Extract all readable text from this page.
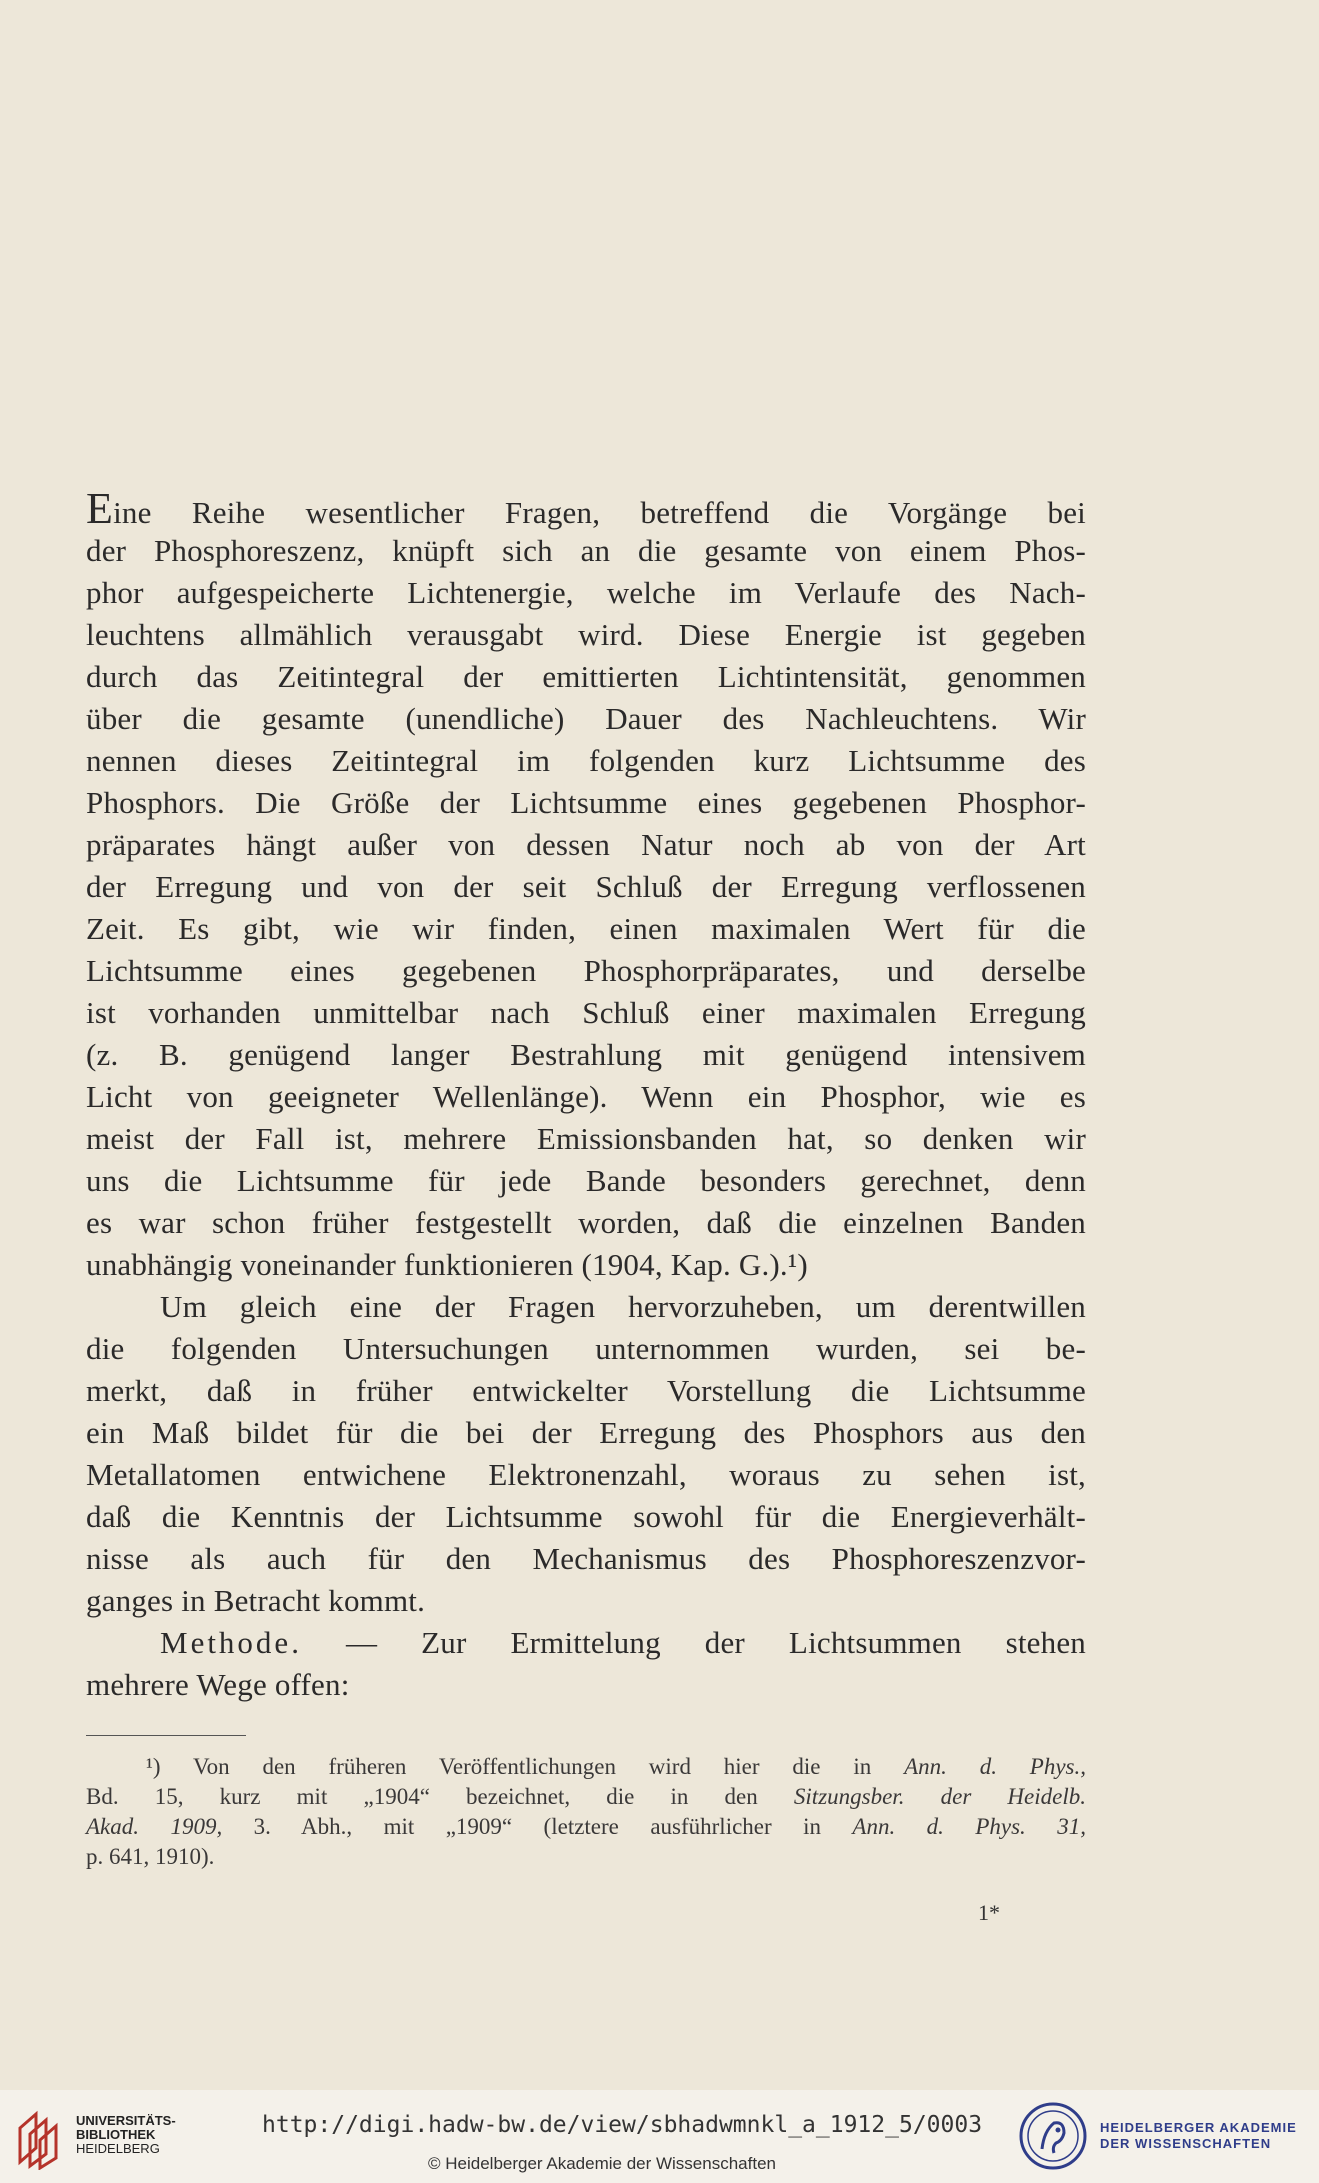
Eine Reihe wesentlicher Fragen, betreffend die Vorgänge bei
der Phosphoreszenz, knüpft sich an die gesamte von einem Phos-
phor aufgespeicherte Lichtenergie, welche im Verlaufe des Nach-
leuchtens allmählich verausgabt wird. Diese Energie ist gegeben
durch das Zeitintegral der emittierten Lichtintensität, genommen
über die gesamte (unendliche) Dauer des Nachleuchtens. Wir
nennen dieses Zeitintegral im folgenden kurz Lichtsumme des
Phosphors. Die Größe der Lichtsumme eines gegebenen Phosphor-
präparates hängt außer von dessen Natur noch ab von der Art
der Erregung und von der seit Schluß der Erregung verflossenen
Zeit. Es gibt, wie wir finden, einen maximalen Wert für die
Lichtsumme eines gegebenen Phosphorpräparates, und derselbe
ist vorhanden unmittelbar nach Schluß einer maximalen Erregung
(z. B. genügend langer Bestrahlung mit genügend intensivem
Licht von geeigneter Wellenlänge). Wenn ein Phosphor, wie es
meist der Fall ist, mehrere Emissionsbanden hat, so denken wir
uns die Lichtsumme für jede Bande besonders gerechnet, denn
es war schon früher festgestellt worden, daß die einzelnen Banden
unabhängig voneinander funktionieren (1904, Kap. G.).¹)
Um gleich eine der Fragen hervorzuheben, um derentwillen
die folgenden Untersuchungen unternommen wurden, sei be-
merkt, daß in früher entwickelter Vorstellung die Lichtsumme
ein Maß bildet für die bei der Erregung des Phosphors aus den
Metallatomen entwichene Elektronenzahl, woraus zu sehen ist,
daß die Kenntnis der Lichtsumme sowohl für die Energieverhält-
nisse als auch für den Mechanismus des Phosphoreszenzvor-
ganges in Betracht kommt.
Methode. — Zur Ermittelung der Lichtsummen stehen
mehrere Wege offen:
¹) Von den früheren Veröffentlichungen wird hier die in Ann. d. Phys.,
Bd. 15, kurz mit „1904“ bezeichnet, die in den Sitzungsber. der Heidelb.
Akad. 1909, 3. Abh., mit „1909“ (letztere ausführlicher in Ann. d. Phys. 31,
p. 641, 1910).
1*
UNIVERSITÄTS-
BIBLIOTHEK
HEIDELBERG
http://digi.hadw-bw.de/view/sbhadwmnkl_a_1912_5/0003
© Heidelberger Akademie der Wissenschaften
HEIDELBERGER AKADEMIE
DER WISSENSCHAFTEN
